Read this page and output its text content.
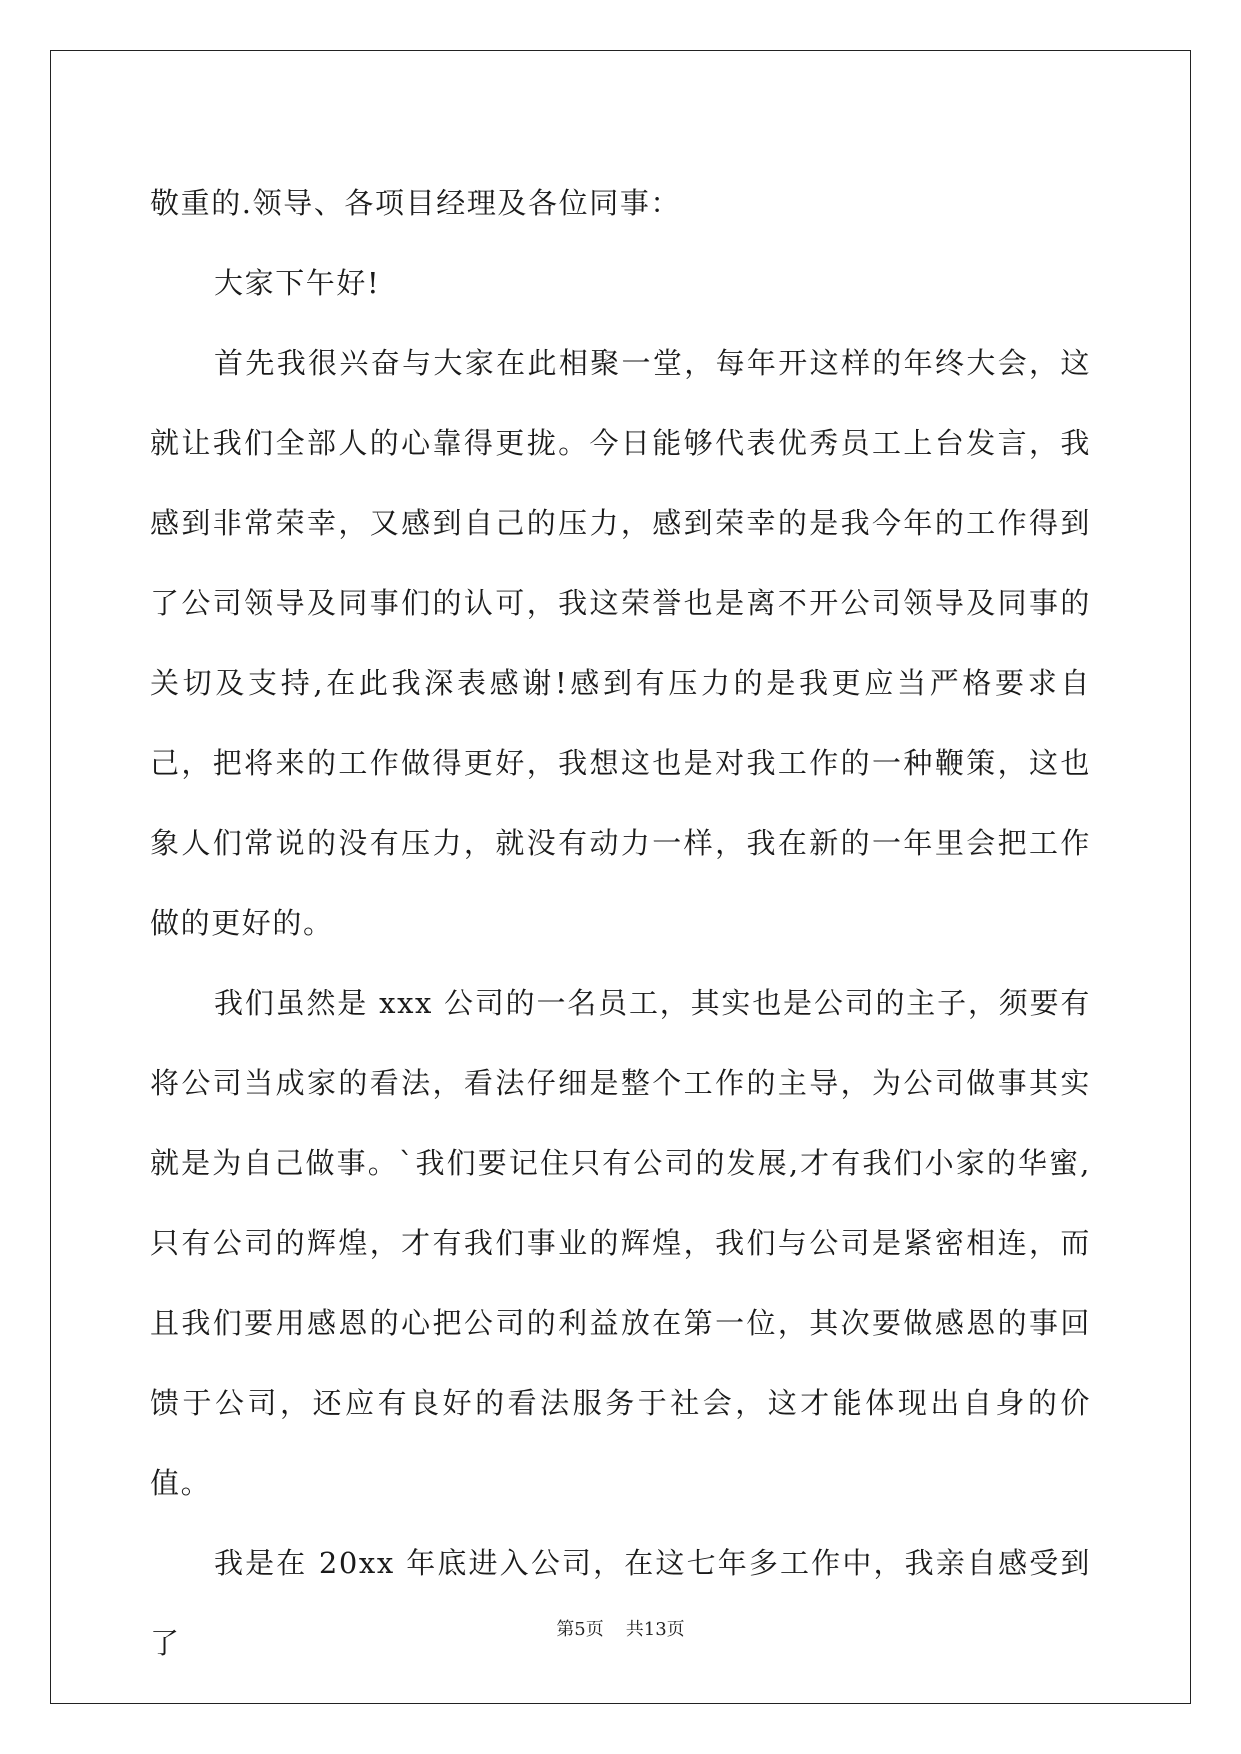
敬重的.领导、各项目经理及各位同事：

大家下午好!

首先我很兴奋与大家在此相聚一堂，每年开这样的年终大会，这就让我们全部人的心靠得更拢。今日能够代表优秀员工上台发言，我感到非常荣幸，又感到自己的压力，感到荣幸的是我今年的工作得到了公司领导及同事们的认可，我这荣誉也是离不开公司领导及同事的关切及支持,在此我深表感谢!感到有压力的是我更应当严格要求自己，把将来的工作做得更好，我想这也是对我工作的一种鞭策，这也象人们常说的没有压力，就没有动力一样，我在新的一年里会把工作做的更好的。

我们虽然是 xxx 公司的一名员工，其实也是公司的主子，须要有将公司当成家的看法，看法仔细是整个工作的主导，为公司做事其实就是为自己做事。`我们要记住只有公司的发展,才有我们小家的华蜜,只有公司的辉煌，才有我们事业的辉煌，我们与公司是紧密相连，而且我们要用感恩的心把公司的利益放在第一位，其次要做感恩的事回馈于公司，还应有良好的看法服务于社会，这才能体现出自身的价值。

我是在 20xx 年底进入公司，在这七年多工作中，我亲自感受到了	第5页 共13页
